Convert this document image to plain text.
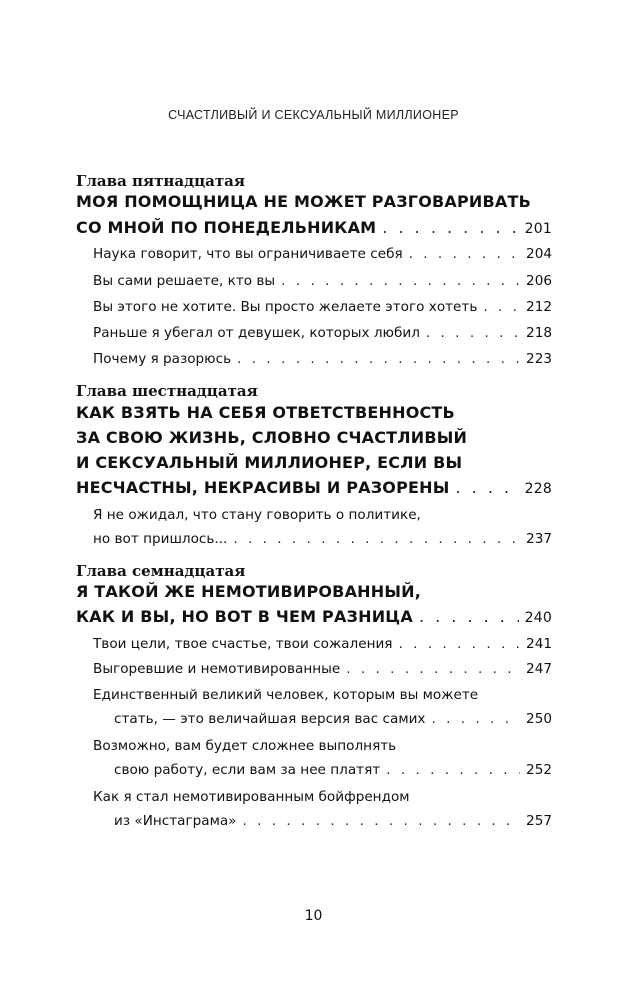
СЧАСТЛИВЫЙ И СЕКСУАЛЬНЫЙ МИЛЛИОНЕР
Глава пятнадцатая
МОЯ ПОМОЩНИЦА НЕ МОЖЕТ РАЗГОВАРИВАТЬ
СО МНОЙ ПО ПОНЕДЕЛЬНИКАМ . . .	201
Наука говорит, что вы ограничиваете себя . . .	204
Вы сами решаете, кто вы . . .	206
Вы этого не хотите. Вы просто желаете этого хотеть . . .	212
Раньше я убегал от девушек, которых любил . . .	218
Почему я разорюсь . . .	223
Глава шестнадцатая
КАК ВЗЯТЬ НА СЕБЯ ОТВЕТСТВЕННОСТЬ
ЗА СВОЮ ЖИЗНЬ, СЛОВНО СЧАСТЛИВЫЙ
И СЕКСУАЛЬНЫЙ МИЛЛИОНЕР, ЕСЛИ ВЫ
НЕСЧАСТНЫ, НЕКРАСИВЫ И РАЗОРЕНЫ . . .	228
Я не ожидал, что стану говорить о политике,
но вот пришлось... . . .	237
Глава семнадцатая
Я ТАКОЙ ЖЕ НЕМОТИВИРОВАННЫЙ,
КАК И ВЫ, НО ВОТ В ЧЕМ РАЗНИЦА . . .	240
Твои цели, твое счастье, твои сожаления . . .	241
Выгоревшие и немотивированные . . .	247
Единственный великий человек, которым вы можете
стать, — это величайшая версия вас самих . . .	250
Возможно, вам будет сложнее выполнять
свою работу, если вам за нее платят . . .	252
Как я стал немотивированным бойфрендом
из «Инстаграма» . . .	257
10
